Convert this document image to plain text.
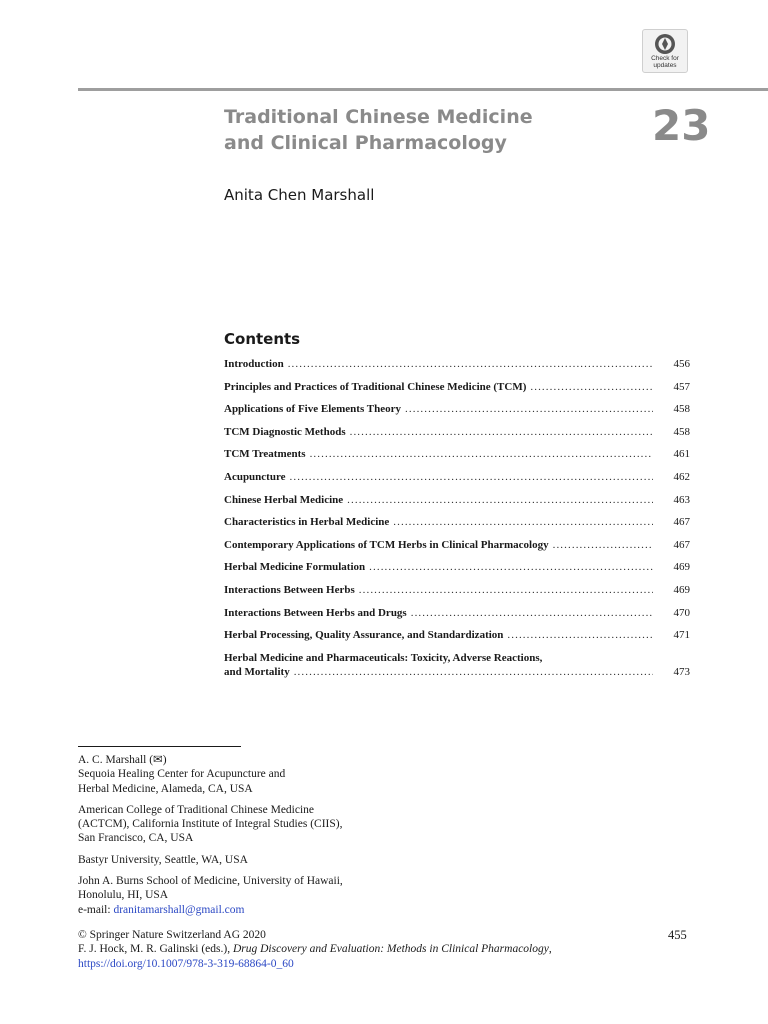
Check for
updates
Traditional Chinese Medicine
and Clinical Pharmacology	23
Anita Chen Marshall
Contents
Introduction .....	456
Principles and Practices of Traditional Chinese Medicine (TCM) .....	457
Applications of Five Elements Theory .....	458
TCM Diagnostic Methods .....	458
TCM Treatments .....	461
Acupuncture .....	462
Chinese Herbal Medicine .....	463
Characteristics in Herbal Medicine .....	467
Contemporary Applications of TCM Herbs in Clinical Pharmacology .....	467
Herbal Medicine Formulation .....	469
Interactions Between Herbs .....	469
Interactions Between Herbs and Drugs .....	470
Herbal Processing, Quality Assurance, and Standardization .....	471
Herbal Medicine and Pharmaceuticals: Toxicity, Adverse Reactions,
and Mortality .....	473

A. C. Marshall (✉)
Sequoia Healing Center for Acupuncture and
Herbal Medicine, Alameda, CA, USA

American College of Traditional Chinese Medicine
(ACTCM), California Institute of Integral Studies (CIIS),
San Francisco, CA, USA

Bastyr University, Seattle, WA, USA

John A. Burns School of Medicine, University of Hawaii,
Honolulu, HI, USA
e-mail: dranitamarshall@gmail.com

© Springer Nature Switzerland AG 2020

F. J. Hock, M. R. Galinski (eds.), Drug Discovery and Evaluation: Methods in Clinical Pharmacology,

https://doi.org/10.1007/978-3-319-68864-0_60

455
